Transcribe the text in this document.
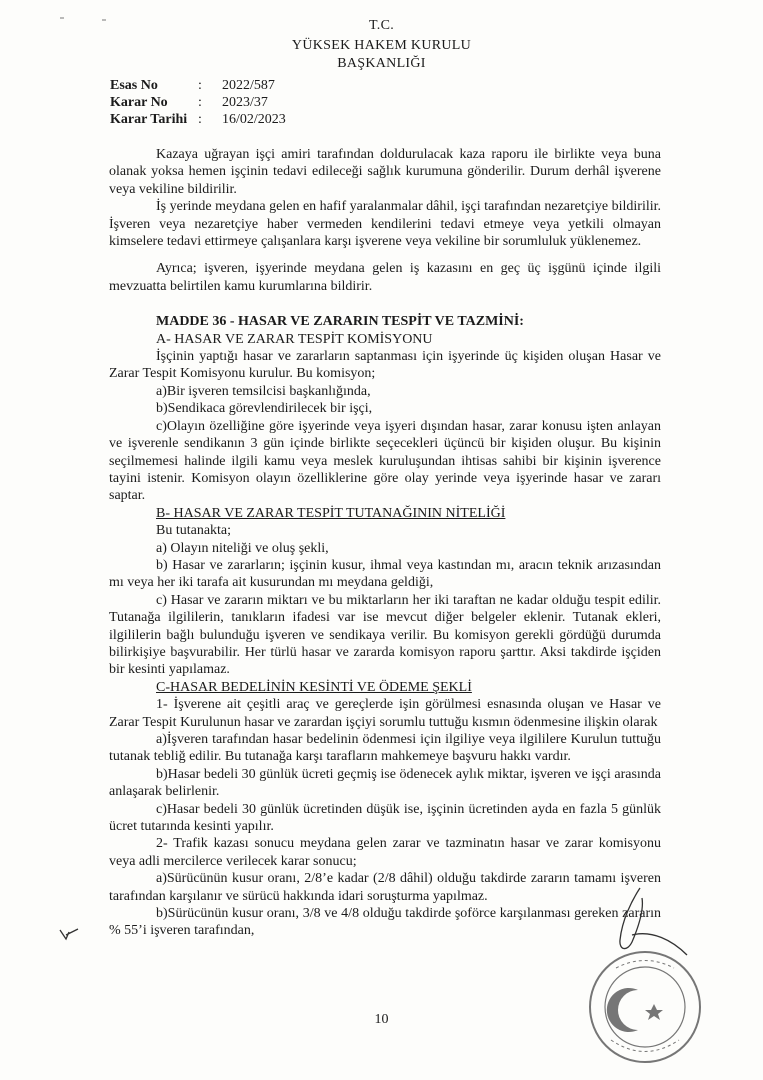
T.C.
YÜKSEK HAKEM KURULU
BAŞKANLIĞI
Esas No	:	2022/587
Karar No	:	2023/37
Karar Tarihi :	16/02/2023

Kazaya uğrayan işçi amiri tarafından doldurulacak kaza raporu ile birlikte veya buna olanak yoksa hemen işçinin tedavi edileceği sağlık kurumuna gönderilir. Durum derhâl işverene veya vekiline bildirilir.

İş yerinde meydana gelen en hafif yaralanmalar dâhil, işçi tarafından nezaretçiye bildirilir. İşveren veya nezaretçiye haber vermeden kendilerini tedavi etmeye veya yetkili olmayan kimselere tedavi ettirmeye çalışanlara karşı işverene veya vekiline bir sorumluluk yüklenemez.

Ayrıca; işveren, işyerinde meydana gelen iş kazasını en geç üç işgünü içinde ilgili mevzuatta belirtilen kamu kurumlarına bildirir.

MADDE 36 - HASAR VE ZARARIN TESPİT VE TAZMİNİ:

A- HASAR VE ZARAR TESPİT KOMİSYONU

İşçinin yaptığı hasar ve zararların saptanması için işyerinde üç kişiden oluşan Hasar ve Zarar Tespit Komisyonu kurulur. Bu komisyon;

a)Bir işveren temsilcisi başkanlığında,

b)Sendikaca görevlendirilecek bir işçi,

c)Olayın özelliğine göre işyerinde veya işyeri dışından hasar, zarar konusu işten anlayan ve işverenle sendikanın 3 gün içinde birlikte seçecekleri üçüncü bir kişiden oluşur. Bu kişinin seçilmemesi halinde ilgili kamu veya meslek kuruluşundan ihtisas sahibi bir kişinin işverence tayini istenir. Komisyon olayın özelliklerine göre olay yerinde veya işyerinde hasar ve zararı saptar.

B- HASAR VE ZARAR TESPİT TUTANAĞININ NİTELİĞİ

Bu tutanakta;

a) Olayın niteliği ve oluş şekli,

b) Hasar ve zararların; işçinin kusur, ihmal veya kastından mı, aracın teknik arızasından mı veya her iki tarafa ait kusurundan mı meydana geldiği,

c) Hasar ve zararın miktarı ve bu miktarların her iki taraftan ne kadar olduğu tespit edilir. Tutanağa ilgililerin, tanıkların ifadesi var ise mevcut diğer belgeler eklenir. Tutanak ekleri, ilgililerin bağlı bulunduğu işveren ve sendikaya verilir. Bu komisyon gerekli gördüğü durumda bilirkişiye başvurabilir. Her türlü hasar ve zararda komisyon raporu şarttır. Aksi takdirde işçiden bir kesinti yapılamaz.

C-HASAR BEDELİNİN KESİNTİ VE ÖDEME ŞEKLİ

1- İşverene ait çeşitli araç ve gereçlerde işin görülmesi esnasında oluşan ve Hasar ve Zarar Tespit Kurulunun hasar ve zarardan işçiyi sorumlu tuttuğu kısmın ödenmesine ilişkin olarak

a)İşveren tarafından hasar bedelinin ödenmesi için ilgiliye veya ilgililere Kurulun tuttuğu tutanak tebliğ edilir. Bu tutanağa karşı tarafların mahkemeye başvuru hakkı vardır.

b)Hasar bedeli 30 günlük ücreti geçmiş ise ödenecek aylık miktar, işveren ve işçi arasında anlaşarak belirlenir.

c)Hasar bedeli 30 günlük ücretinden düşük ise, işçinin ücretinden ayda en fazla 5 günlük ücret tutarında kesinti yapılır.

2- Trafik kazası sonucu meydana gelen zarar ve tazminatın hasar ve zarar komisyonu veya adli mercilerce verilecek karar sonucu;

a)Sürücünün kusur oranı, 2/8’e kadar (2/8 dâhil) olduğu takdirde zararın tamamı işveren tarafından karşılanır ve sürücü hakkında idari soruşturma yapılmaz.

b)Sürücünün kusur oranı, 3/8 ve 4/8 olduğu takdirde şoförce karşılanması gereken zararın % 55’i işveren tarafından,

10
